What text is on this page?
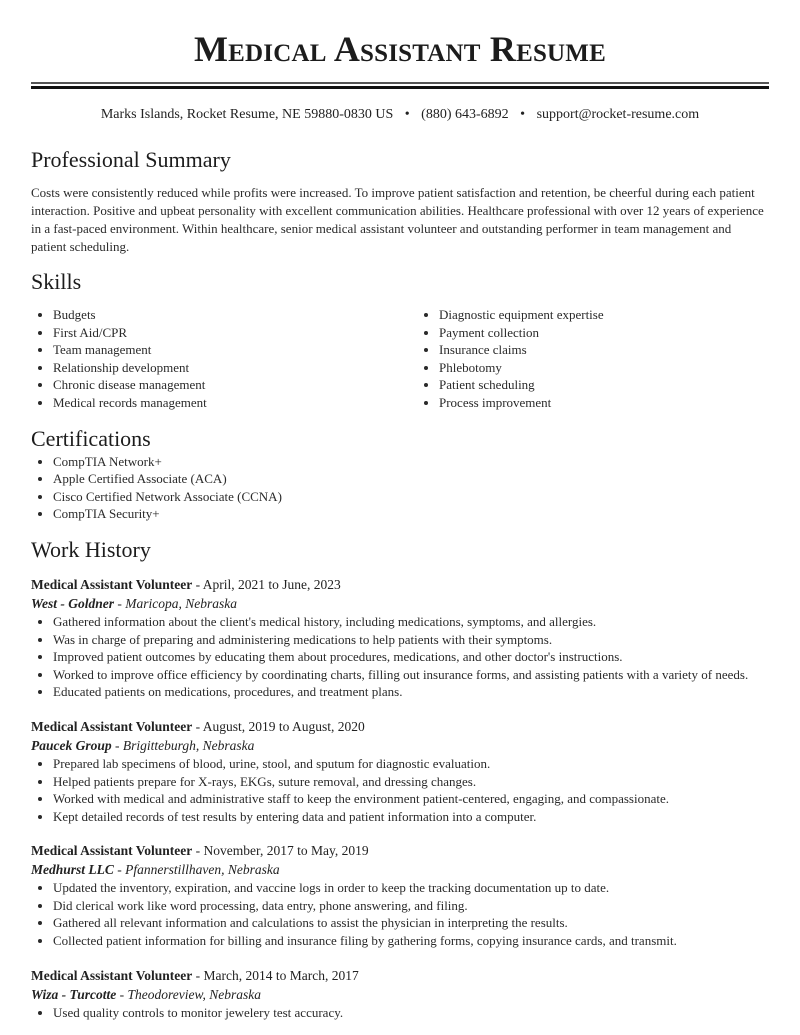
Medical Assistant Resume
Marks Islands, Rocket Resume, NE 59880-0830 US • (880) 643-6892 • support@rocket-resume.com
Professional Summary

Costs were consistently reduced while profits were increased. To improve patient satisfaction and retention, be cheerful during each patient interaction. Positive and upbeat personality with excellent communication abilities. Healthcare professional with over 12 years of experience in a fast-paced environment. Within healthcare, senior medical assistant volunteer and outstanding performer in team management and patient scheduling.

Skills
• Budgets
• First Aid/CPR
• Team management
• Relationship development
• Chronic disease management
• Medical records management
• Diagnostic equipment expertise
• Payment collection
• Insurance claims
• Phlebotomy
• Patient scheduling
• Process improvement
Certifications
• CompTIA Network+
• Apple Certified Associate (ACA)
• Cisco Certified Network Associate (CCNA)
• CompTIA Security+
Work History
Medical Assistant Volunteer - April, 2021 to June, 2023
West - Goldner - Maricopa, Nebraska
• Gathered information about the client's medical history, including medications, symptoms, and allergies.
• Was in charge of preparing and administering medications to help patients with their symptoms.
• Improved patient outcomes by educating them about procedures, medications, and other doctor's instructions.
• Worked to improve office efficiency by coordinating charts, filling out insurance forms, and assisting patients with a variety of needs.
• Educated patients on medications, procedures, and treatment plans.
Medical Assistant Volunteer - August, 2019 to August, 2020
Paucek Group - Brigitteburgh, Nebraska
• Prepared lab specimens of blood, urine, stool, and sputum for diagnostic evaluation.
• Helped patients prepare for X-rays, EKGs, suture removal, and dressing changes.
• Worked with medical and administrative staff to keep the environment patient-centered, engaging, and compassionate.
• Kept detailed records of test results by entering data and patient information into a computer.
Medical Assistant Volunteer - November, 2017 to May, 2019
Medhurst LLC - Pfannerstillhaven, Nebraska
• Updated the inventory, expiration, and vaccine logs in order to keep the tracking documentation up to date.
• Did clerical work like word processing, data entry, phone answering, and filing.
• Gathered all relevant information and calculations to assist the physician in interpreting the results.
• Collected patient information for billing and insurance filing by gathering forms, copying insurance cards, and transmit.
Medical Assistant Volunteer - March, 2014 to March, 2017
Wiza - Turcotte - Theodoreview, Nebraska
• Used quality controls to monitor jewelery test accuracy.
